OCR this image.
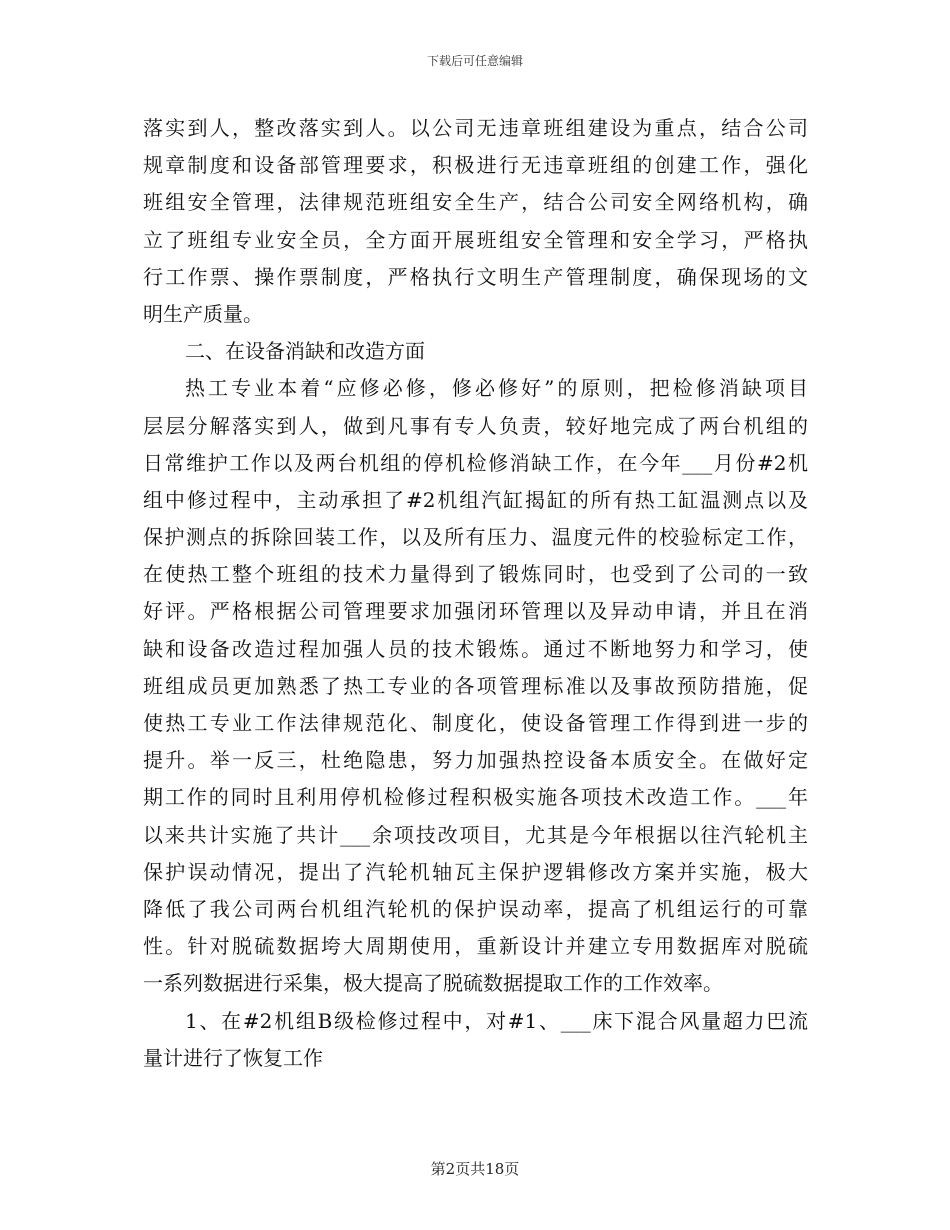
下载后可任意编辑
落实到人，整改落实到人。以公司无违章班组建设为重点，结合公司
规章制度和设备部管理要求，积极进行无违章班组的创建工作，强化
班组安全管理，法律规范班组安全生产，结合公司安全网络机构，确
立了班组专业安全员，全方面开展班组安全管理和安全学习，严格执
行工作票、操作票制度，严格执行文明生产管理制度，确保现场的文
明生产质量。
二、在设备消缺和改造方面
热工专业本着“应修必修，修必修好”的原则，把检修消缺项目
层层分解落实到人，做到凡事有专人负责，较好地完成了两台机组的
日常维护工作以及两台机组的停机检修消缺工作，在今年___月份#2机
组中修过程中，主动承担了#2机组汽缸揭缸的所有热工缸温测点以及
保护测点的拆除回装工作，以及所有压力、温度元件的校验标定工作，
在使热工整个班组的技术力量得到了锻炼同时，也受到了公司的一致
好评。严格根据公司管理要求加强闭环管理以及异动申请，并且在消
缺和设备改造过程加强人员的技术锻炼。通过不断地努力和学习，使
班组成员更加熟悉了热工专业的各项管理标准以及事故预防措施，促
使热工专业工作法律规范化、制度化，使设备管理工作得到进一步的
提升。举一反三，杜绝隐患，努力加强热控设备本质安全。在做好定
期工作的同时且利用停机检修过程积极实施各项技术改造工作。___年
以来共计实施了共计___余项技改项目，尤其是今年根据以往汽轮机主
保护误动情况，提出了汽轮机轴瓦主保护逻辑修改方案并实施，极大
降低了我公司两台机组汽轮机的保护误动率，提高了机组运行的可靠
性。针对脱硫数据垮大周期使用，重新设计并建立专用数据库对脱硫
一系列数据进行采集，极大提高了脱硫数据提取工作的工作效率。
1、在#2机组B级检修过程中，对#1、___床下混合风量超力巴流
量计进行了恢复工作
第2页共18页
